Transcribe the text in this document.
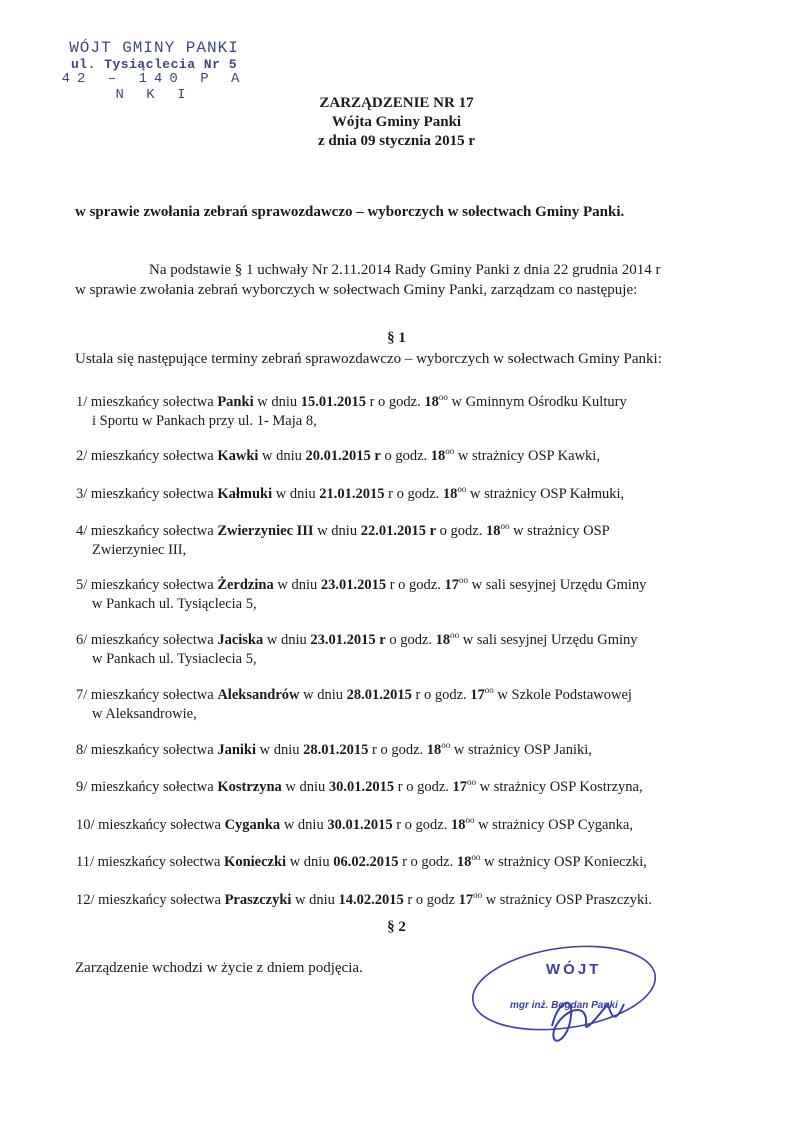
WÓJT GMINY PANKI
ul. Tysiąclecia Nr 5
42 – 140 P A N K I	ZARZĄDZENIE NR 17
Wójta Gminy Panki
z dnia 09 stycznia 2015 r
w sprawie zwołania zebrań sprawozdawczo – wyborczych w sołectwach Gminy Panki.
Na podstawie § 1 uchwały Nr 2.11.2014 Rady Gminy Panki z dnia 22 grudnia 2014 r
w sprawie zwołania zebrań wyborczych w sołectwach Gminy Panki, zarządzam co następuje:
§ 1
Ustala się następujące terminy zebrań sprawozdawczo – wyborczych w sołectwach Gminy Panki:
1/ mieszkańcy sołectwa Panki w dniu 15.01.2015 r o godz. $18^{oo}$ w Gminnym Ośrodku Kultury
i Sportu w Pankach przy ul. 1- Maja 8,
2/ mieszkańcy sołectwa Kawki w dniu 20.01.2015 r o godz. $18^{oo}$ w strażnicy OSP Kawki,
3/ mieszkańcy sołectwa Kałmuki w dniu 21.01.2015 r o godz. $18^{oo}$ w strażnicy OSP Kałmuki,
4/ mieszkańcy sołectwa Zwierzyniec III w dniu 22.01.2015 r o godz. $18^{oo}$ w strażnicy OSP
Zwierzyniec III,
5/ mieszkańcy sołectwa Żerdzina w dniu 23.01.2015 r o godz. $17^{oo}$ w sali sesyjnej Urzędu Gminy
w Pankach ul. Tysiąclecia 5,
6/ mieszkańcy sołectwa Jaciska w dniu 23.01.2015 r o godz. $18^{oo}$ w sali sesyjnej Urzędu Gminy
w Pankach ul. Tysiaclecia 5,
7/ mieszkańcy sołectwa Aleksandrów w dniu 28.01.2015 r o godz. $17^{oo}$ w Szkole Podstawowej
w Aleksandrowie,
8/ mieszkańcy sołectwa Janiki w dniu 28.01.2015 r o godz. $18^{oo}$ w strażnicy OSP Janiki,
9/ mieszkańcy sołectwa Kostrzyna w dniu 30.01.2015 r o godz. $17^{oo}$ w strażnicy OSP Kostrzyna,
10/ mieszkańcy sołectwa Cyganka w dniu 30.01.2015 r o godz. $18^{oo}$ w strażnicy OSP Cyganka,
11/ mieszkańcy sołectwa Konieczki w dniu 06.02.2015 r o godz. $18^{oo}$ w strażnicy OSP Konieczki,
12/ mieszkańcy sołectwa Praszczyki w dniu 14.02.2015 r o godz $17^{oo}$ w strażnicy OSP Praszczyki.
§ 2
Zarządzenie wchodzi w życie z dniem podjęcia.	WÓJT
mgr inż. Bogdan Panki
